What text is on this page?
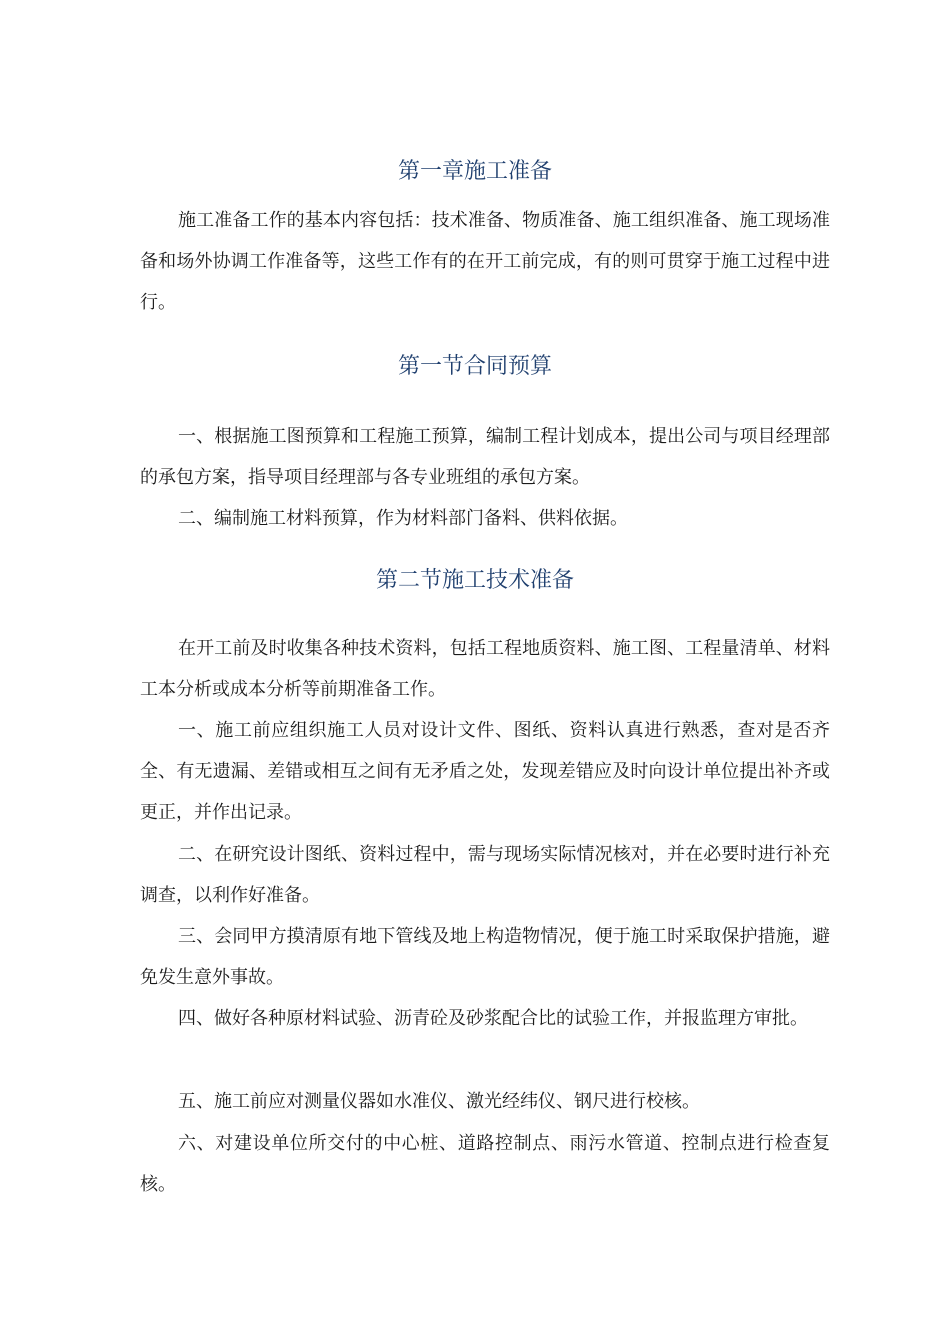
第一章施工准备
施工准备工作的基本内容包括：技术准备、物质准备、施工组织准备、施工现场准备和场外协调工作准备等，这些工作有的在开工前完成，有的则可贯穿于施工过程中进行。
第一节合同预算
一、根据施工图预算和工程施工预算，编制工程计划成本，提出公司与项目经理部的承包方案，指导项目经理部与各专业班组的承包方案。
二、编制施工材料预算，作为材料部门备料、供料依据。
第二节施工技术准备
在开工前及时收集各种技术资料，包括工程地质资料、施工图、工程量清单、材料工本分析或成本分析等前期准备工作。
一、施工前应组织施工人员对设计文件、图纸、资料认真进行熟悉，查对是否齐全、有无遗漏、差错或相互之间有无矛盾之处，发现差错应及时向设计单位提出补齐或更正，并作出记录。
二、在研究设计图纸、资料过程中，需与现场实际情况核对，并在必要时进行补充调查，以利作好准备。
三、会同甲方摸清原有地下管线及地上构造物情况，便于施工时采取保护措施，避免发生意外事故。
四、做好各种原材料试验、沥青砼及砂浆配合比的试验工作，并报监理方审批。
五、施工前应对测量仪器如水准仪、激光经纬仪、钢尺进行校核。
六、对建设单位所交付的中心桩、道路控制点、雨污水管道、控制点进行检查复核。
